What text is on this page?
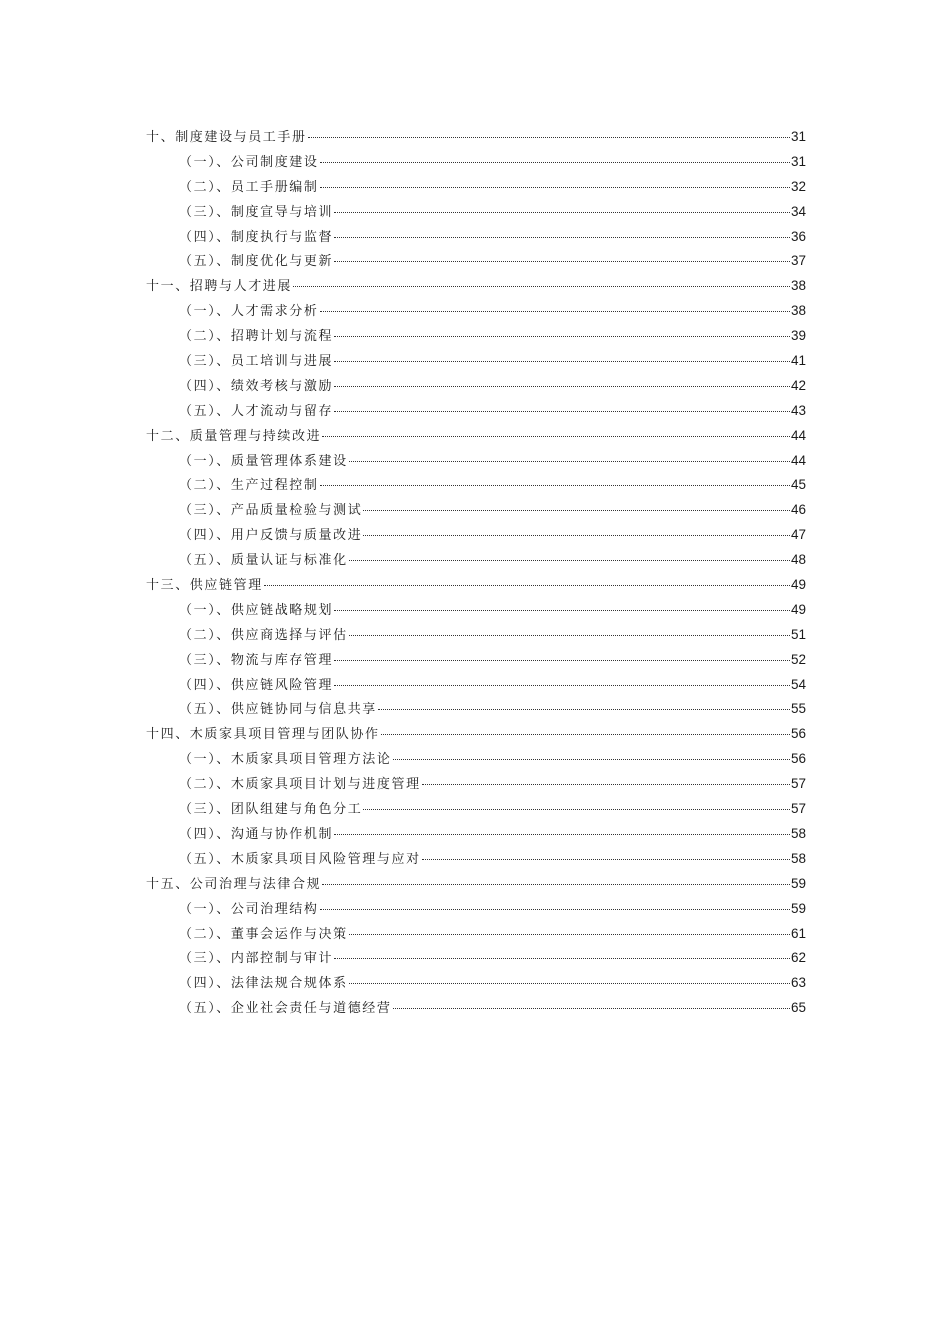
十、制度建设与员工手册	31
（一）、公司制度建设	31
（二）、员工手册编制	32
（三）、制度宣导与培训	34
（四）、制度执行与监督	36
（五）、制度优化与更新	37
十一、招聘与人才进展	38
（一）、人才需求分析	38
（二）、招聘计划与流程	39
（三）、员工培训与进展	41
（四）、绩效考核与激励	42
（五）、人才流动与留存	43
十二、质量管理与持续改进	44
（一）、质量管理体系建设	44
（二）、生产过程控制	45
（三）、产品质量检验与测试	46
（四）、用户反馈与质量改进	47
（五）、质量认证与标准化	48
十三、供应链管理	49
（一）、供应链战略规划	49
（二）、供应商选择与评估	51
（三）、物流与库存管理	52
（四）、供应链风险管理	54
（五）、供应链协同与信息共享	55
十四、木质家具项目管理与团队协作	56
（一）、木质家具项目管理方法论	56
（二）、木质家具项目计划与进度管理	57
（三）、团队组建与角色分工	57
（四）、沟通与协作机制	58
（五）、木质家具项目风险管理与应对	58
十五、公司治理与法律合规	59
（一）、公司治理结构	59
（二）、董事会运作与决策	61
（三）、内部控制与审计	62
（四）、法律法规合规体系	63
（五）、企业社会责任与道德经营	65
